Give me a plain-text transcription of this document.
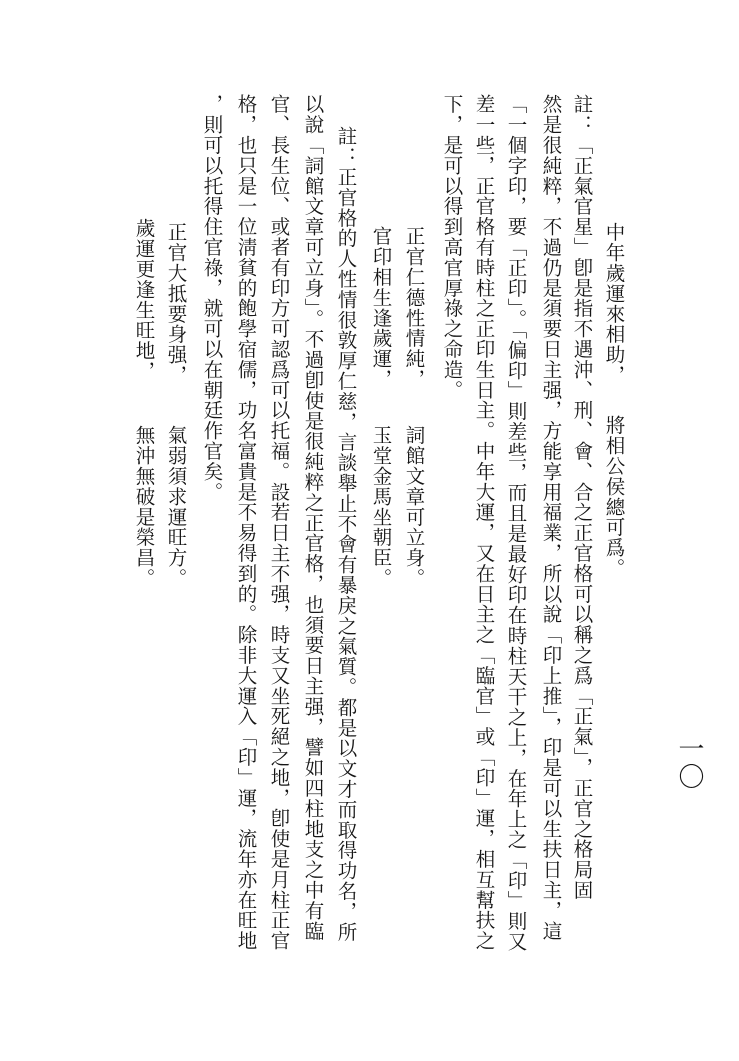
一〇
中年歲運來相助，
將相公侯總可爲。
註：「正氣官星」卽是指不遇沖、刑、會、合之正官格可以稱之爲「正氣」，正官之格局固
然是很純粹，不過仍是須要日主强，方能享用福業，所以說「印上推」，印是可以生扶日主，這
「一個字印，要「正印」。「偏印」則差些，而且是最好印在時柱天干之上，在年上之「印」則又
差一些，正官格有時柱之正印生日主。中年大運，又在日主之「臨官」或「印」運，相互幫扶之
下，是可以得到高官厚祿之命造。
正官仁德性情純，
詞館文章可立身。
官印相生逢歲運，
玉堂金馬坐朝臣。
註：正官格的人性情很敦厚仁慈，言談舉止不會有暴戾之氣質。都是以文才而取得功名，所
以說「詞館文章可立身」。不過卽使是很純粹之正官格，也須要日主强，譬如四柱地支之中有臨
官、長生位、或者有印方可認爲可以托福。設若日主不强，時支又坐死絕之地，卽使是月柱正官
格，也只是一位淸貧的飽學宿儒，功名富貴是不易得到的。除非大運入「印」運，流年亦在旺地
，則可以托得住官祿，就可以在朝廷作官矣。
正官大抵要身强，
氣弱須求運旺方。
歲運更逢生旺地，
無沖無破是榮昌。
